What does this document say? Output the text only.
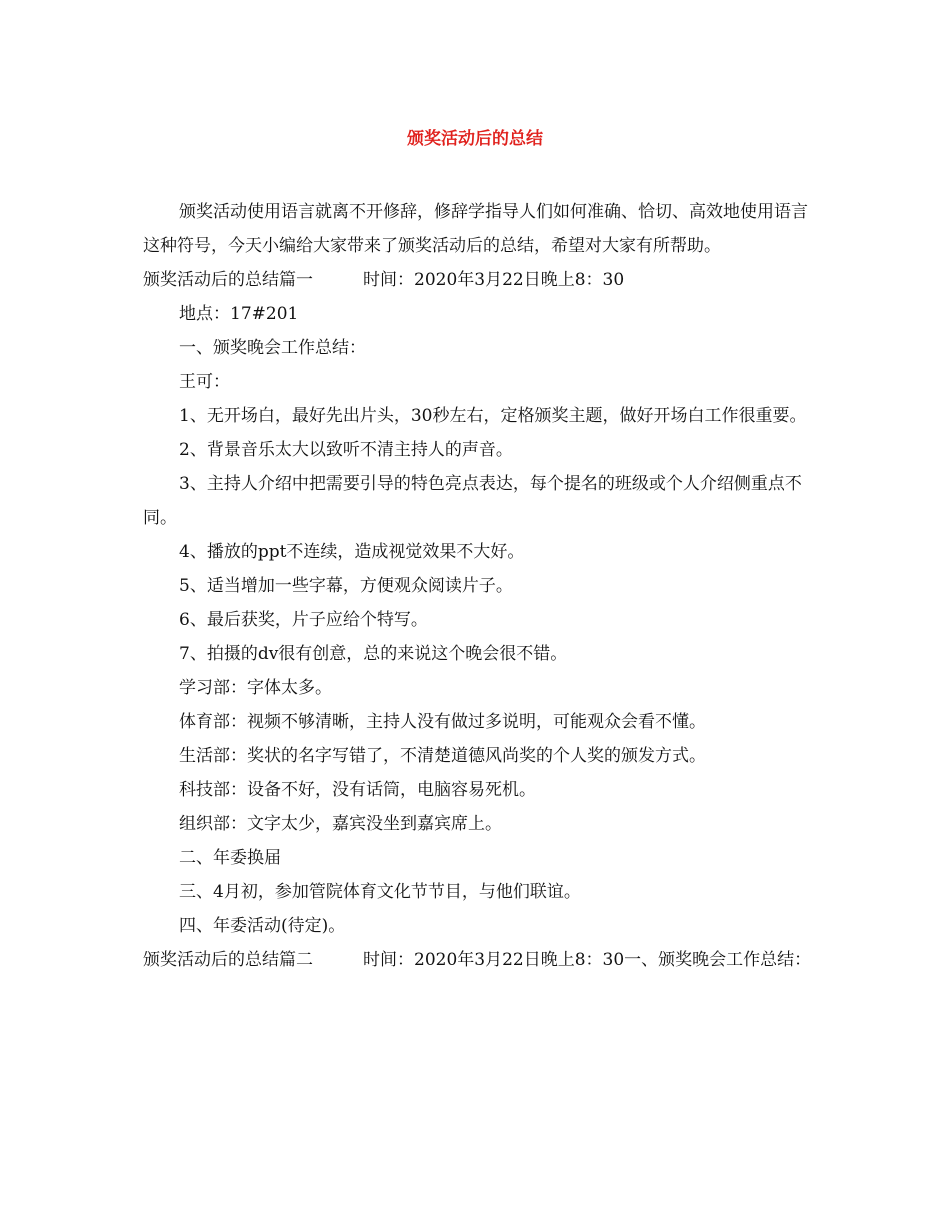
颁奖活动后的总结

颁奖活动使用语言就离不开修辞，修辞学指导人们如何准确、恰切、高效地使用语言这种符号，今天小编给大家带来了颁奖活动后的总结，希望对大家有所帮助。

颁奖活动后的总结篇一	时间：2020年3月22日晚上8：30

地点：17#201

一、颁奖晚会工作总结：

王可：

1、无开场白，最好先出片头，30秒左右，定格颁奖主题，做好开场白工作很重要。

2、背景音乐太大以致听不清主持人的声音。

3、主持人介绍中把需要引导的特色亮点表达，每个提名的班级或个人介绍侧重点不同。

4、播放的ppt不连续，造成视觉效果不大好。

5、适当增加一些字幕，方便观众阅读片子。

6、最后获奖，片子应给个特写。

7、拍摄的dv很有创意，总的来说这个晚会很不错。

学习部：字体太多。

体育部：视频不够清晰，主持人没有做过多说明，可能观众会看不懂。

生活部：奖状的名字写错了，不清楚道德风尚奖的个人奖的颁发方式。

科技部：设备不好，没有话筒，电脑容易死机。

组织部：文字太少，嘉宾没坐到嘉宾席上。

二、年委换届

三、4月初，参加管院体育文化节节目，与他们联谊。

四、年委活动(待定)。

颁奖活动后的总结篇二	时间：2020年3月22日晚上8：30一、颁奖晚会工作总结：
